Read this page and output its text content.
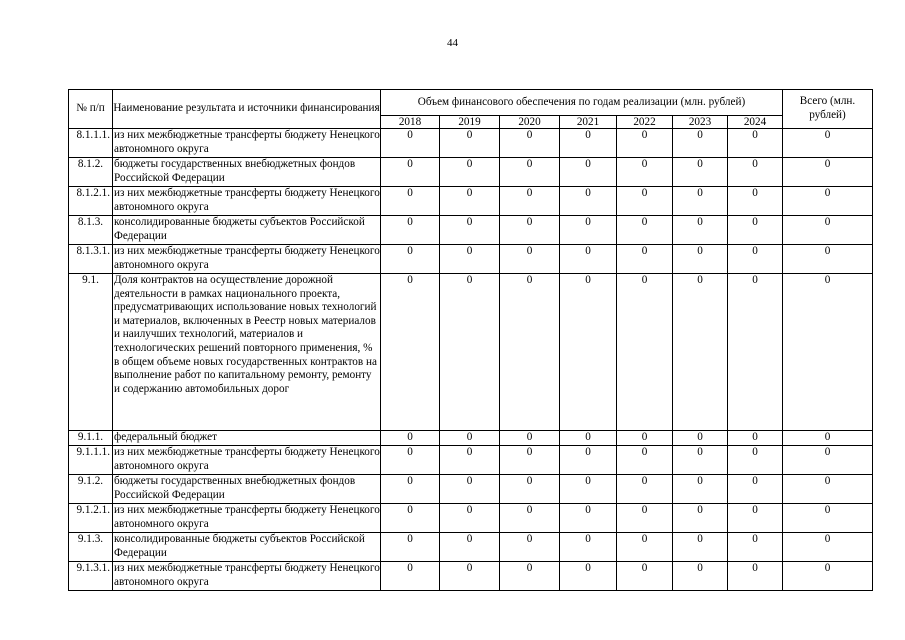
44
№ п/п	Наименование результата и источники финансирования	Объем финансового обеспечения по годам реализации (млн. рублей)							Всего (млн. рублей)
		2018	2019	2020	2021	2022	2023	2024	
8.1.1.1.	из них межбюджетные трансферты бюджету Ненецкого автономного округа	0	0	0	0	0	0	0	0
8.1.2.	бюджеты государственных внебюджетных фондов Российской Федерации	0	0	0	0	0	0	0	0
8.1.2.1.	из них межбюджетные трансферты бюджету Ненецкого автономного округа	0	0	0	0	0	0	0	0
8.1.3.	консолидированные бюджеты субъектов Российской Федерации	0	0	0	0	0	0	0	0
8.1.3.1.	из них межбюджетные трансферты бюджету Ненецкого автономного округа	0	0	0	0	0	0	0	0
9.1.	Доля контрактов на осуществление дорожной деятельности в рамках национального проекта, предусматривающих использование новых технологий и материалов, включенных в Реестр новых материалов и наилучших технологий, материалов и технологических решений повторного применения, % в общем объеме новых государственных контрактов на выполнение работ по капитальному ремонту, ремонту и содержанию автомобильных дорог	0	0	0	0	0	0	0	0
9.1.1.	федеральный бюджет	0	0	0	0	0	0	0	0
9.1.1.1.	из них межбюджетные трансферты бюджету Ненецкого автономного округа	0	0	0	0	0	0	0	0
9.1.2.	бюджеты государственных внебюджетных фондов Российской Федерации	0	0	0	0	0	0	0	0
9.1.2.1.	из них межбюджетные трансферты бюджету Ненецкого автономного округа	0	0	0	0	0	0	0	0
9.1.3.	консолидированные бюджеты субъектов Российской Федерации	0	0	0	0	0	0	0	0
9.1.3.1.	из них межбюджетные трансферты бюджету Ненецкого автономного округа	0	0	0	0	0	0	0	0
